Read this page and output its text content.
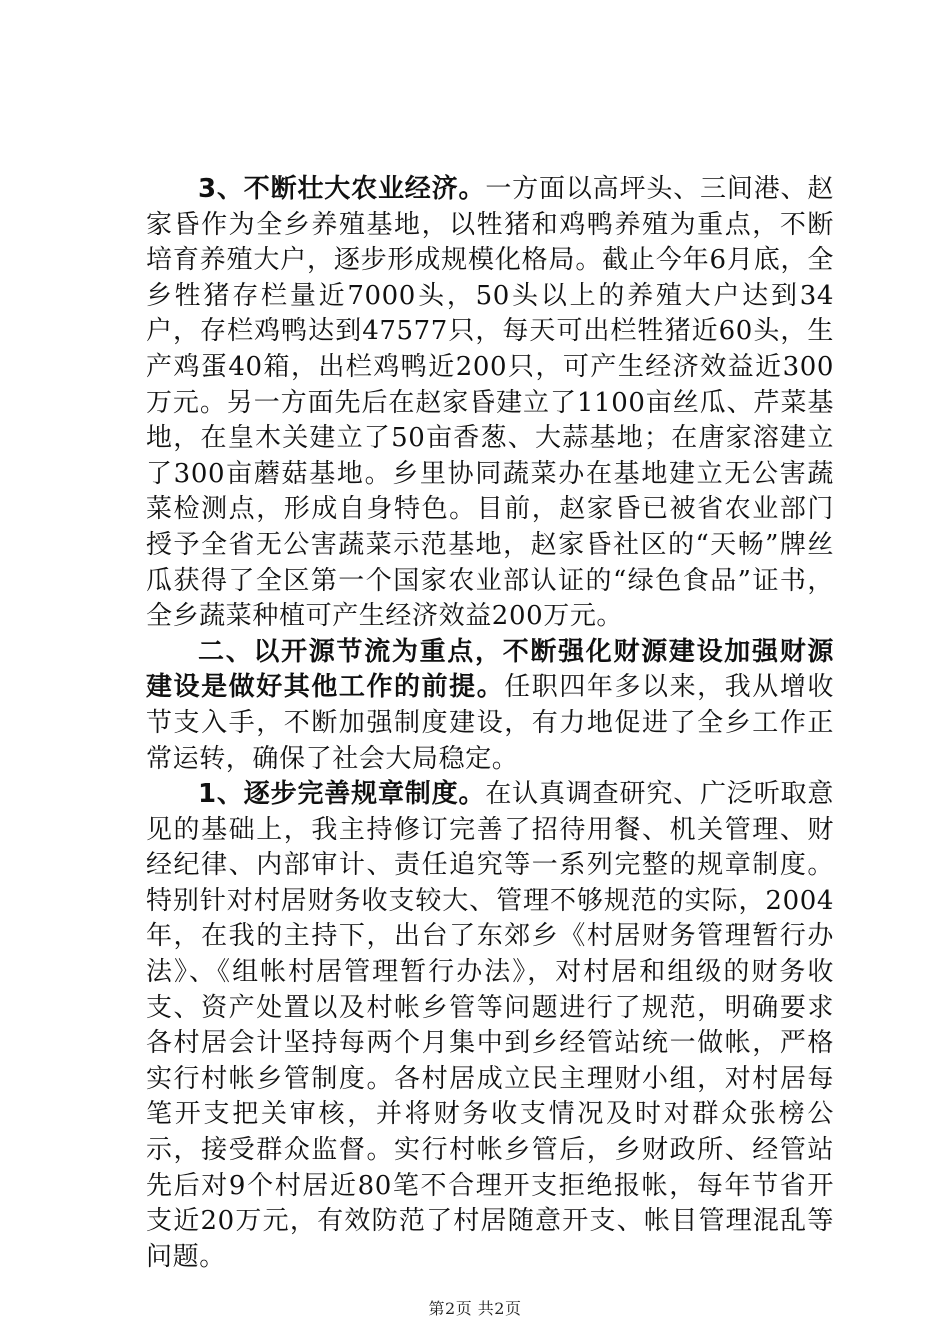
3、不断壮大农业经济。一方面以高坪头、三间港、赵家昏作为全乡养殖基地，以牲猪和鸡鸭养殖为重点，不断培育养殖大户，逐步形成规模化格局。截止今年6月底，全乡牲猪存栏量近7000头，50头以上的养殖大户达到34户，存栏鸡鸭达到47577只，每天可出栏牲猪近60头，生产鸡蛋40箱，出栏鸡鸭近200只，可产生经济效益近300万元。另一方面先后在赵家昏建立了1100亩丝瓜、芹菜基地，在皇木关建立了50亩香葱、大蒜基地；在唐家溶建立了300亩蘑菇基地。乡里协同蔬菜办在基地建立无公害蔬菜检测点，形成自身特色。目前，赵家昏已被省农业部门授予全省无公害蔬菜示范基地，赵家昏社区的“天畅”牌丝瓜获得了全区第一个国家农业部认证的“绿色食品”证书，全乡蔬菜种植可产生经济效益200万元。

二、以开源节流为重点，不断强化财源建设加强财源建设是做好其他工作的前提。任职四年多以来，我从增收节支入手，不断加强制度建设，有力地促进了全乡工作正常运转，确保了社会大局稳定。

1、逐步完善规章制度。在认真调查研究、广泛听取意见的基础上，我主持修订完善了招待用餐、机关管理、财经纪律、内部审计、责任追究等一系列完整的规章制度。特别针对村居财务收支较大、管理不够规范的实际，2004年，在我的主持下，出台了东郊乡《村居财务管理暂行办法》、《组帐村居管理暂行办法》，对村居和组级的财务收支、资产处置以及村帐乡管等问题进行了规范，明确要求各村居会计坚持每两个月集中到乡经管站统一做帐，严格实行村帐乡管制度。各村居成立民主理财小组，对村居每笔开支把关审核，并将财务收支情况及时对群众张榜公示，接受群众监督。实行村帐乡管后，乡财政所、经管站先后对9个村居近80笔不合理开支拒绝报帐，每年节省开支近20万元，有效防范了村居随意开支、帐目管理混乱等问题。

第2页 共2页
